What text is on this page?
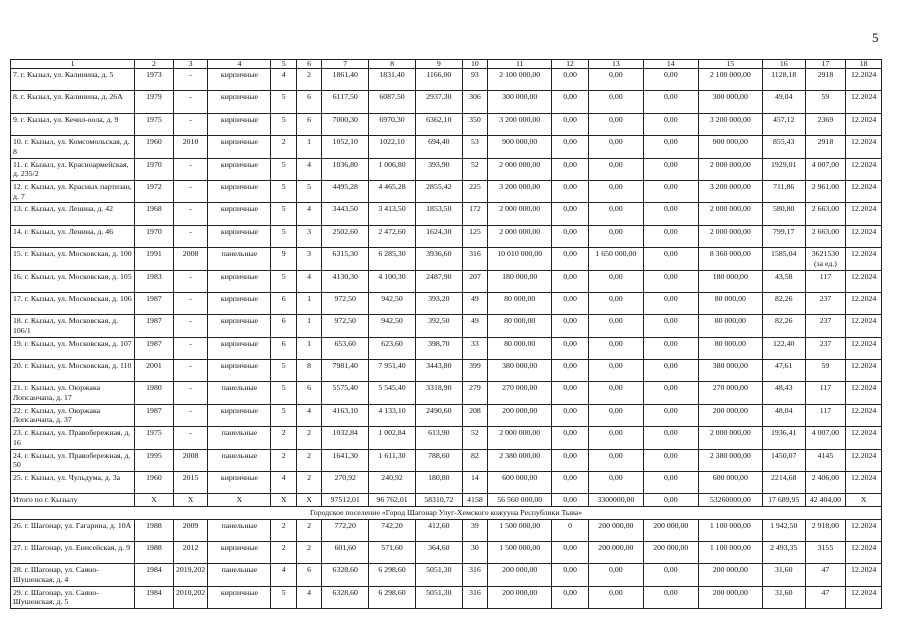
5
1	2	3	4	5	6	7	8	9	10	11	12	13	14	15	16	17	18
7. г. Кызыл, ул. Калинина, д. 5	1973	-	кирпичные	4	2	1861,40	1831,40	1166,00	93	2 100 000,00	0,00	0,00	0,00	2 100 000,00	1128,18	2918	12.2024
8. г. Кызыл, ул. Калинина, д. 26А	1979	-	кирпичные	5	6	6117,50	6087,50	2937,30	306	300 000,00	0,00	0,00	0,00	300 000,00	49,04	59	12.2024
9. г. Кызыл, ул. Кечил-оола, д. 9	1975	-	кирпичные	5	6	7000,30	6970,30	6362,10	350	3 200 000,00	0,00	0,00	0,00	3 200 000,00	457,12	2369	12.2024
10. г. Кызыл, ул. Комсомольская, д. 8	1960	2010	кирпичные	2	1	1052,10	1022,10	694,40	53	900 000,00	0,00	0,00	0,00	900 000,00	855,43	2918	12.2024
11. г. Кызыл, ул. Красноармейская, д. 235/2	1970	-	кирпичные	5	4	1036,80	1 006,80	393,90	52	2 000 000,00	0,00	0,00	0,00	2 000 000,00	1929,01	4 007,00	12.2024
12. г. Кызыл, ул. Красных партизан, д. 7	1972	-	кирпичные	5	5	4495,28	4 465,28	2855,42	225	3 200 000,00	0,00	0,00	0,00	3 200 000,00	711,86	2 961,00	12.2024
13. г. Кызыл, ул. Ленина, д. 42	1968	-	кирпичные	5	4	3443,50	3 413,50	1853,50	172	2 000 000,00	0,00	0,00	0,00	2 000 000,00	580,80	2 663,00	12.2024
14. г. Кызыл, ул. Ленина, д. 46	1970	-	кирпичные	5	3	2502,60	2 472,60	1624,30	125	2 000 000,00	0,00	0,00	0,00	2 000 000,00	799,17	2 663,00	12.2024
15. г. Кызыл, ул. Московская, д. 100	1991	2008	панельные	9	3	6315,30	6 285,30	3936,60	316	10 010 000,00	0,00	1 650 000,00	0,00	8 360 000,00	1585,04	3621530 (за ед.)	12.2024
16. г. Кызыл, ул. Московская, д. 105	1983	-	кирпичные	5	4	4130,30	4 100,30	2487,90	207	180 000,00	0,00	0,00	0,00	180 000,00	43,58	117	12.2024
17. г. Кызыл, ул. Московская, д. 106	1987	-	кирпичные	6	1	972,50	942,50	393,20	49	80 000,00	0,00	0,00	0,00	80 000,00	82,26	237	12.2024
18. г. Кызыл, ул. Московская, д. 106/1	1987	-	кирпичные	6	1	972,50	942,50	392,50	49	80 000,00	0,00	0,00	0,00	80 000,00	82,26	237	12.2024
19. г. Кызыл, ул. Московская, д. 107	1987	-	кирпичные	6	1	653,60	623,60	398,70	33	80 000,00	0,00	0,00	0,00	80 000,00	122,40	237	12.2024
20. г. Кызыл, ул. Московская, д. 110	2001	-	кирпичные	5	8	7981,40	7 951,40	3443,80	399	380 000,00	0,00	0,00	0,00	380 000,00	47,61	59	12.2024
21. г. Кызыл, ул. Оюржака Лопсанчапа, д. 17	1980	-	панельные	5	6	5575,40	5 545,40	3318,90	279	270 000,00	0,00	0,00	0,00	270 000,00	48,43	117	12.2024
22. г. Кызыл, ул. Оюржака Лопсанчапа, д. 37	1987	-	кирпичные	5	4	4163,10	4 133,10	2490,60	208	200 000,00	0,00	0,00	0,00	200 000,00	48,04	117	12.2024
23. г. Кызыл, ул. Правобережная, д. 16	1975	-	панельные	2	2	1032,84	1 002,84	613,90	52	2 000 000,00	0,00	0,00	0,00	2 000 000,00	1936,41	4 007,00	12.2024
24. г. Кызыл, ул. Правобережная, д. 50	1995	2008	панельные	2	2	1641,30	1 611,30	788,60	82	2 380 000,00	0,00	0,00	0,00	2 380 000,00	1450,07	4145	12.2024
25. г. Кызыл, ул. Чульдума, д. 3а	1960	2015	кирпичные	4	2	270,92	240,92	180,80	14	600 000,00	0,00	0,00	0,00	600 000,00	2214,68	2 406,00	12.2024
Итого по г. Кызылу	X	X	X	X	X	97512,01	96 762,01	58310,72	4158	56 560 000,00	0,00	3300000,00	0,00	53260000,00	17 689,95	42 404,00	X
Городское поселение «Город Шагонар Улуг-Хемского кожууна Республики Тыва»																	
26. г. Шагонар, ул. Гагарина, д. 10А	1988	2009	панельные	2	2	772,20	742,20	412,60	39	1 500 000,00	0	200 000,00	200 000,00	1 100 000,00	1 942,50	2 918,00	12.2024
27. г. Шагонар, ул. Енисейская, д. 9	1988	2012	кирпичные	2	2	601,60	571,60	364,60	30	1 500 000,00	0,00	200 000,00	200 000,00	1 100 000,00	2 493,35	3155	12.2024
28. г. Шагонар, ул. Саяно-Шушенская, д. 4	1984	2019,202	панельные	4	6	6328,60	6 298,60	5051,30	316	200 000,00	0,00	0,00	0,00	200 000,00	31,60	47	12.2024
29. г. Шагонар, ул. Саяно-Шушенская, д. 5	1984	2010,202	кирпичные	5	4	6328,60	6 298,60	5051,30	316	200 000,00	0,00	0,00	0,00	200 000,00	31,60	47	12.2024
